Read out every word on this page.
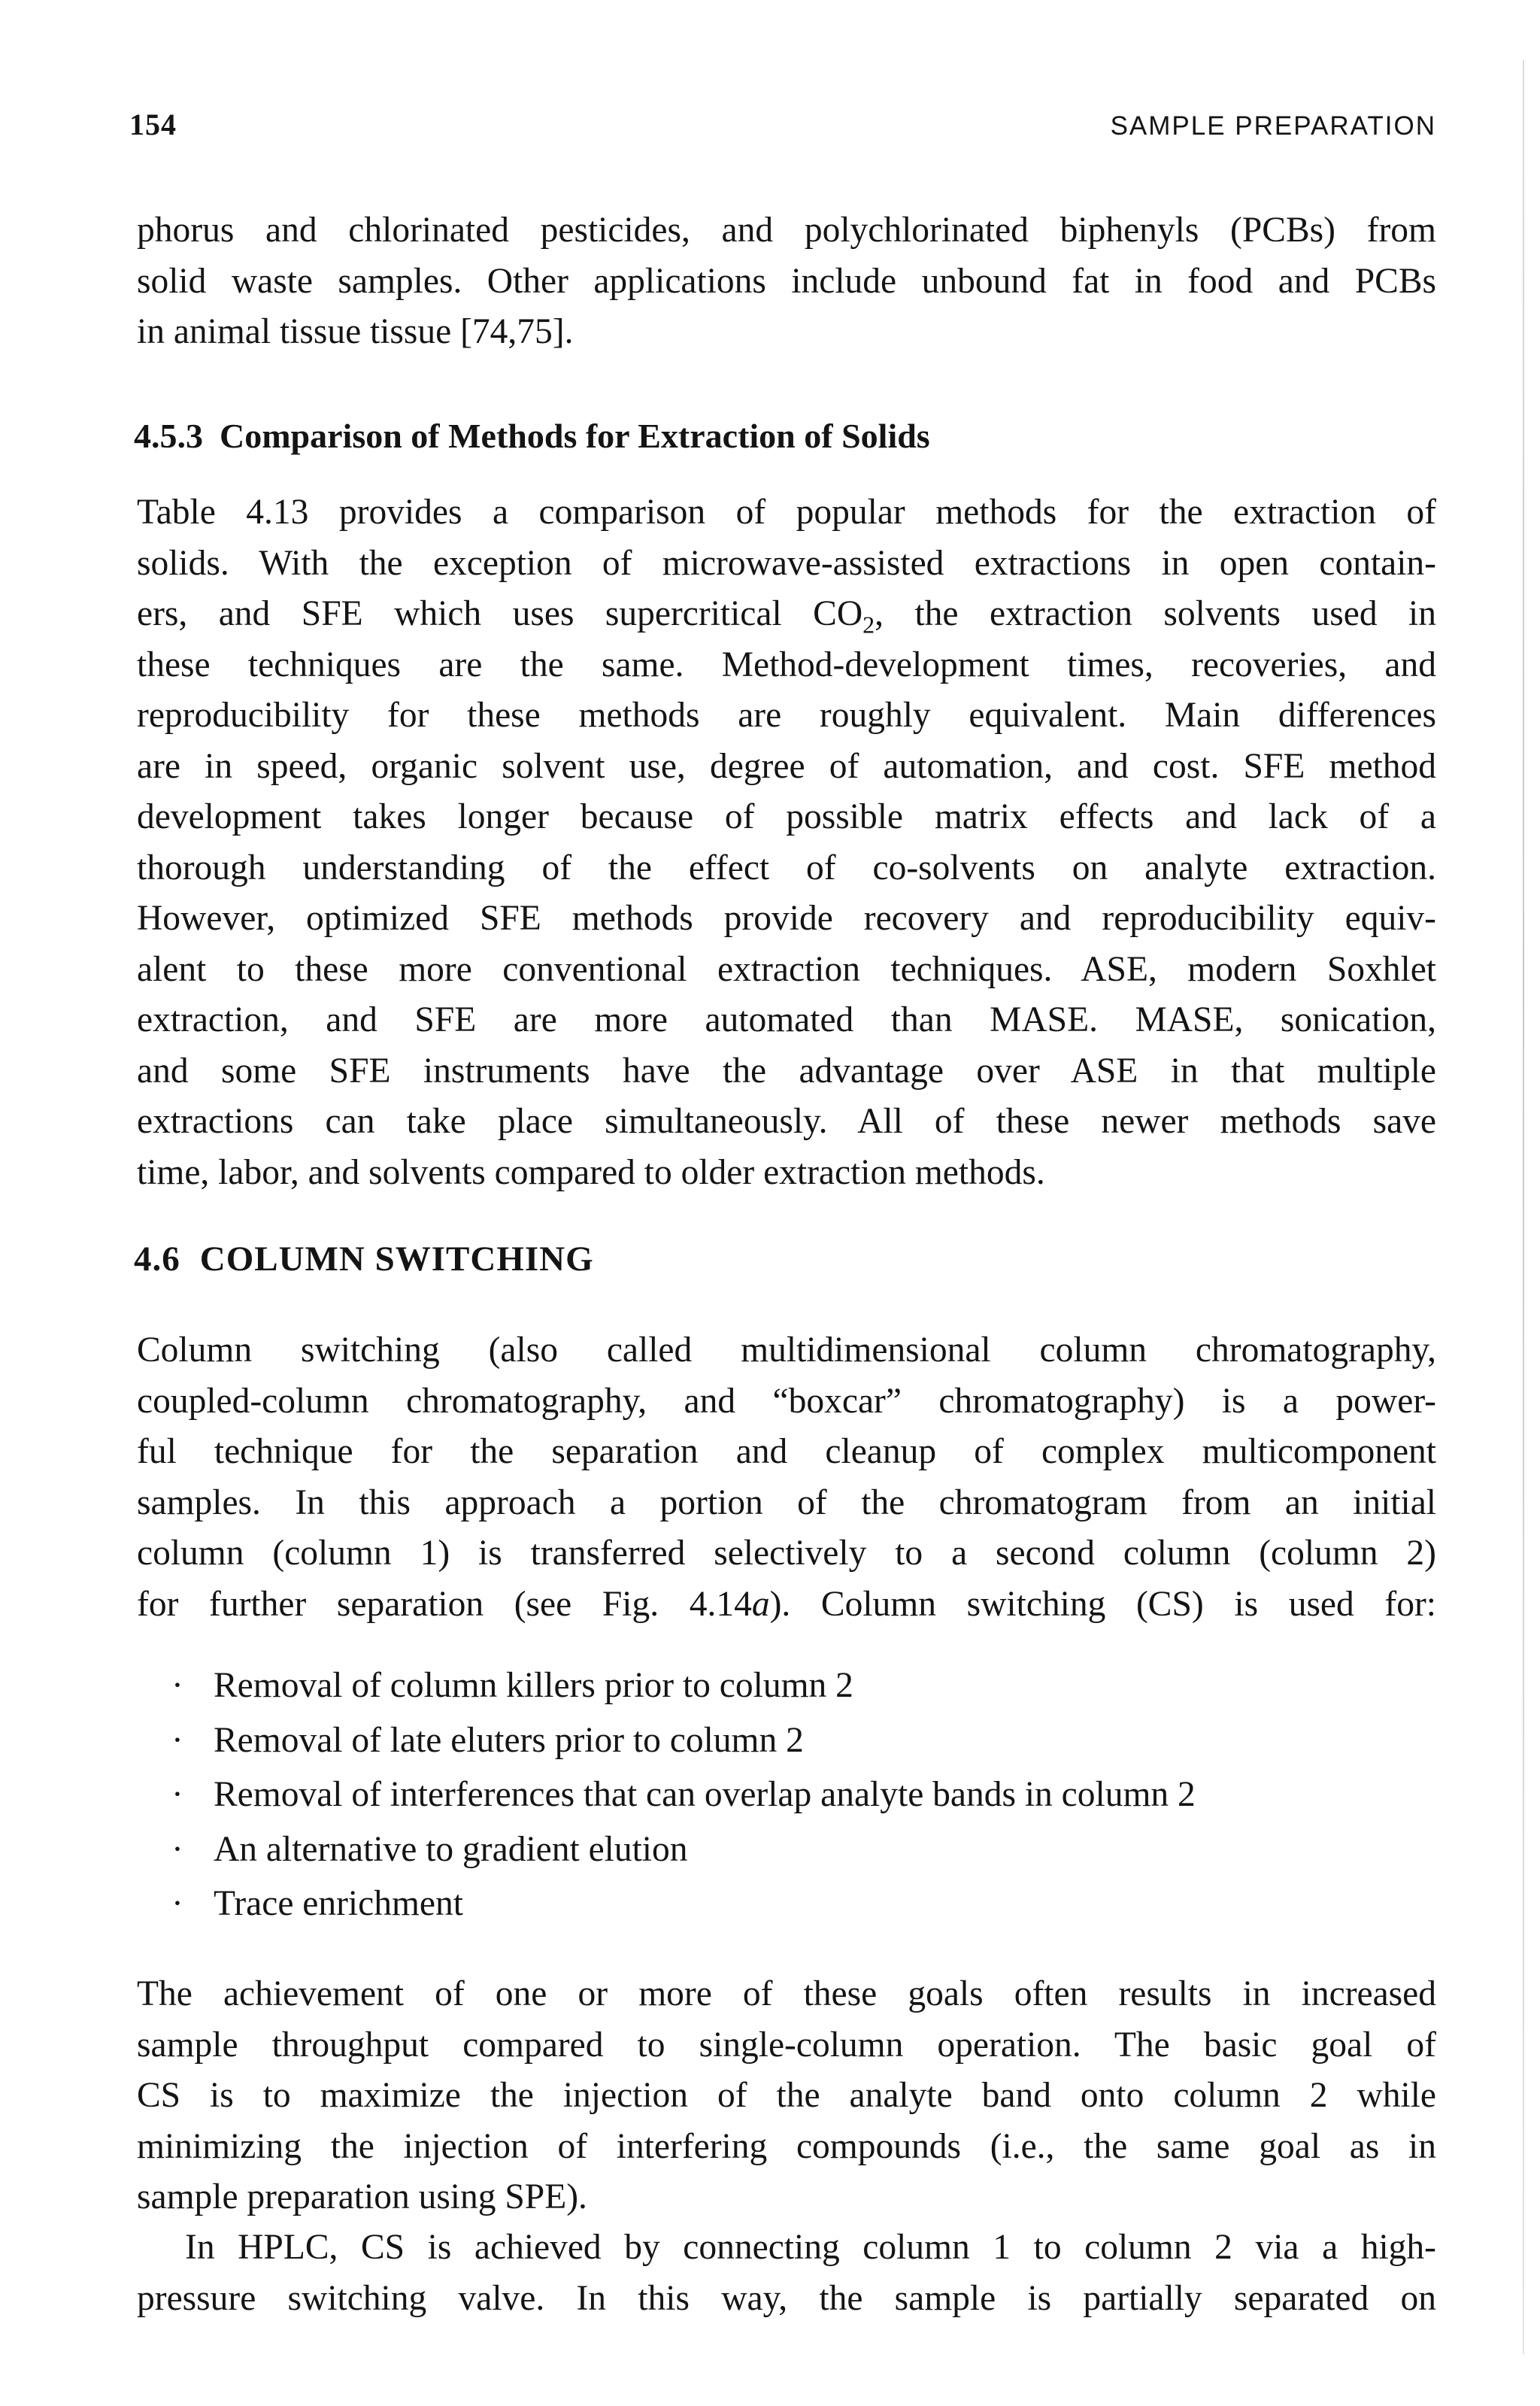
154	SAMPLE PREPARATION
phorus and chlorinated pesticides, and polychlorinated biphenyls (PCBs) from
solid waste samples. Other applications include unbound fat in food and PCBs
in animal tissue tissue [74,75].
4.5.3 Comparison of Methods for Extraction of Solids
Table 4.13 provides a comparison of popular methods for the extraction of
solids. With the exception of microwave-assisted extractions in open contain-
ers, and SFE which uses supercritical $CO_2$, the extraction solvents used in
these techniques are the same. Method-development times, recoveries, and
reproducibility for these methods are roughly equivalent. Main differences
are in speed, organic solvent use, degree of automation, and cost. SFE method
development takes longer because of possible matrix effects and lack of a
thorough understanding of the effect of co-solvents on analyte extraction.
However, optimized SFE methods provide recovery and reproducibility equiv-
alent to these more conventional extraction techniques. ASE, modern Soxhlet
extraction, and SFE are more automated than MASE. MASE, sonication,
and some SFE instruments have the advantage over ASE in that multiple
extractions can take place simultaneously. All of these newer methods save
time, labor, and solvents compared to older extraction methods.
4.6 COLUMN SWITCHING
Column switching (also called multidimensional column chromatography,
coupled-column chromatography, and “boxcar” chromatography) is a power-
ful technique for the separation and cleanup of complex multicomponent
samples. In this approach a portion of the chromatogram from an initial
column (column 1) is transferred selectively to a second column (column 2)
for further separation (see Fig. 4.14a). Column switching (CS) is used for:
· Removal of column killers prior to column 2
· Removal of late eluters prior to column 2
· Removal of interferences that can overlap analyte bands in column 2
· An alternative to gradient elution
· Trace enrichment
The achievement of one or more of these goals often results in increased
sample throughput compared to single-column operation. The basic goal of
CS is to maximize the injection of the analyte band onto column 2 while
minimizing the injection of interfering compounds (i.e., the same goal as in
sample preparation using SPE).
In HPLC, CS is achieved by connecting column 1 to column 2 via a high-
pressure switching valve. In this way, the sample is partially separated on
